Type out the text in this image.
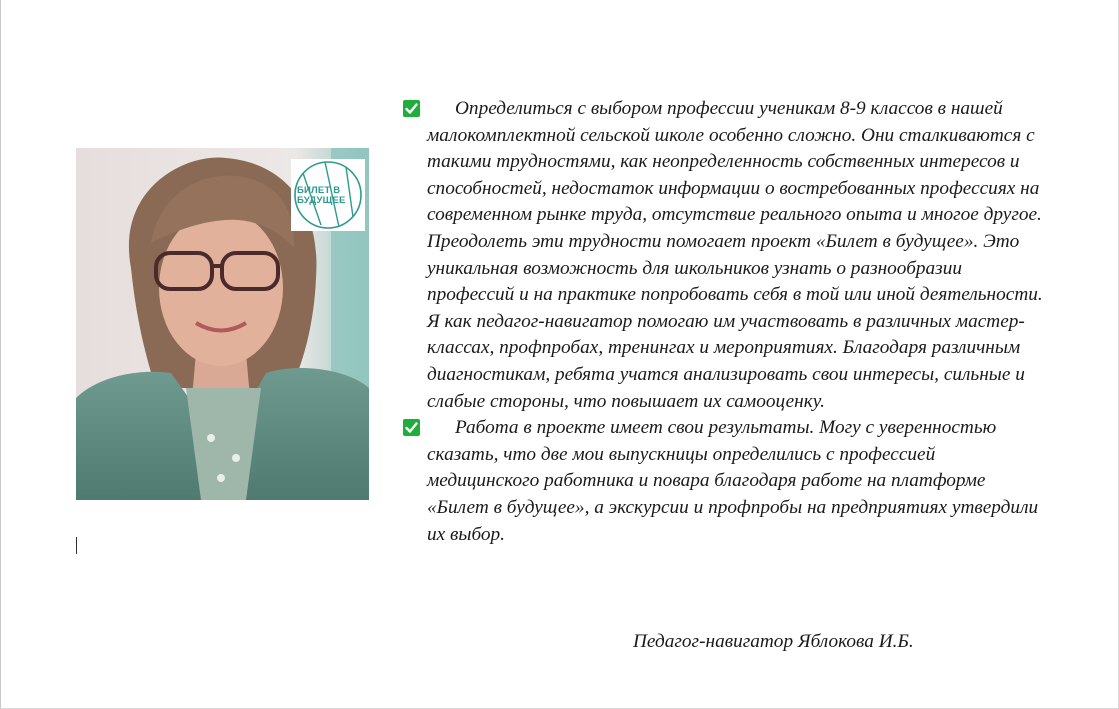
БИЛЕТ В
БУДУЩЕЕ

Определиться с выбором профессии ученикам 8-9 классов в нашей малокомплектной сельской школе особенно сложно. Они сталкиваются с такими трудностями, как неопределенность собственных интересов и способностей, недостаток информации о востребованных профессиях на современном рынке труда, отсутствие реального опыта и многое другое. Преодолеть эти трудности помогает проект «Билет в будущее». Это уникальная возможность для школьников узнать о разнообразии профессий и на практике попробовать себя в той или иной деятельности. Я как педагог-навигатор помогаю им участвовать в различных мастер-классах, профпробах, тренингах и мероприятиях. Благодаря различным диагностикам, ребята учатся анализировать свои интересы, сильные и слабые стороны, что повышает их самооценку.

Работа в проекте имеет свои результаты. Могу с уверенностью сказать, что две мои выпускницы определились с профессией медицинского работника и повара благодаря работе на платформе «Билет в будущее», а экскурсии и профпробы на предприятиях утвердили их выбор.

Педагог-навигатор Яблокова И.Б.
